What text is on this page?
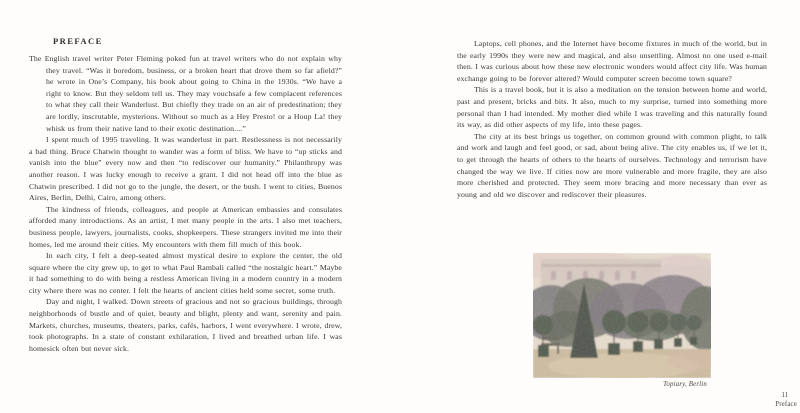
PREFACE

The English travel writer Peter Fleming poked fun at travel writers who do not explain why they travel. “Was it boredom, business, or a broken heart that drove them so far afield?” he wrote in One’s Company, his book about going to China in the 1930s. “We have a right to know. But they seldom tell us. They may vouchsafe a few complacent references to what they call their Wanderlust. But chiefly they trade on an air of predestination; they are lordly, inscrutable, mysterious. Without so much as a Hey Presto! or a Houp La! they whisk us from their native land to their exotic destination....”

I spent much of 1995 traveling. It was wanderlust in part. Restlessness is not necessarily a bad thing. Bruce Chatwin thought to wander was a form of bliss. We have to “up sticks and vanish into the blue” every now and then “to rediscover our humanity.” Philanthropy was another reason. I was lucky enough to receive a grant. I did not head off into the blue as Chatwin prescribed. I did not go to the jungle, the desert, or the bush. I went to cities, Buenos Aires, Berlin, Delhi, Cairo, among others.

The kindness of friends, colleagues, and people at American embassies and consulates afforded many introductions. As an artist, I met many people in the arts. I also met teachers, business people, lawyers, journalists, cooks, shopkeepers. These strangers invited me into their homes, led me around their cities. My encounters with them fill much of this book.

In each city, I felt a deep-seated almost mystical desire to explore the center, the old square where the city grew up, to get to what Paul Rambali called “the nostalgic heart.” Maybe it had something to do with being a restless American living in a modern country in a modern city where there was no center. I felt the hearts of ancient cities held some secret, some truth.

Day and night, I walked. Down streets of gracious and not so gracious buildings, through neighborhoods of bustle and of quiet, beauty and blight, plenty and want, serenity and pain. Markets, churches, museums, theaters, parks, cafés, harbors, I went everywhere. I wrote, drew, took photographs. In a state of constant exhilaration, I lived and breathed urban life. I was homesick often but never sick.

Laptops, cell phones, and the Internet have become fixtures in much of the world, but in the early 1990s they were new and magical, and also unsettling. Almost no one used e-mail then. I was curious about how these new electronic wonders would affect city life. Was human exchange going to be forever altered? Would computer screen become town square?

This is a travel book, but it is also a meditation on the tension between home and world, past and present, bricks and bits. It also, much to my surprise, turned into something more personal than I had intended. My mother died while I was traveling and this naturally found its way, as did other aspects of my life, into these pages.

The city at its best brings us together, on common ground with common plight, to talk and work and laugh and feel good, or sad, about being alive. The city enables us, if we let it, to get through the hearts of others to the hearts of ourselves. Technology and terrorism have changed the way we live. If cities now are more vulnerable and more fragile, they are also more cherished and protected. They seem more bracing and more necessary than ever as young and old we discover and rediscover their pleasures.

Topiary, Berlin
11
Preface
